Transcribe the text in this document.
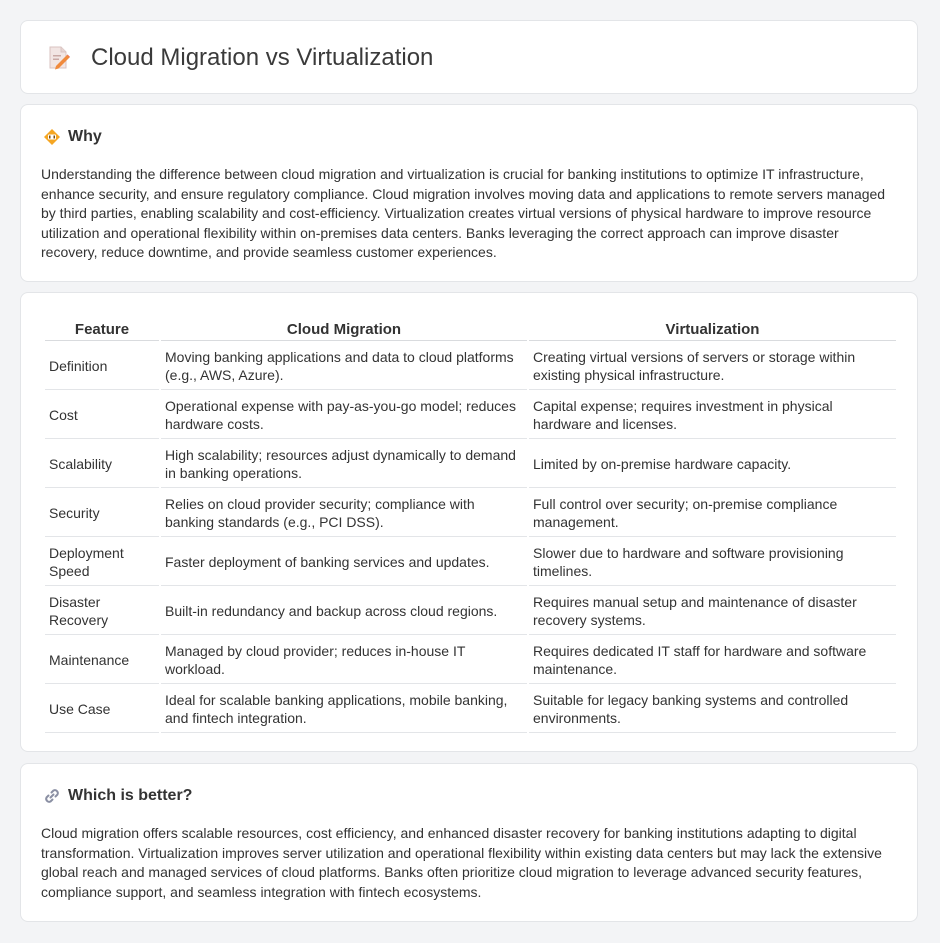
Cloud Migration vs Virtualization
Why

Understanding the difference between cloud migration and virtualization is crucial for banking institutions to optimize IT infrastructure, enhance security, and ensure regulatory compliance. Cloud migration involves moving data and applications to remote servers managed by third parties, enabling scalability and cost-efficiency. Virtualization creates virtual versions of physical hardware to improve resource utilization and operational flexibility within on-premises data centers. Banks leveraging the correct approach can improve disaster recovery, reduce downtime, and provide seamless customer experiences.

Feature	Cloud Migration	Virtualization
Definition	Moving banking applications and data to cloud platforms (e.g., AWS, Azure).	Creating virtual versions of servers or storage within existing physical infrastructure.
Cost	Operational expense with pay-as-you-go model; reduces hardware costs.	Capital expense; requires investment in physical hardware and licenses.
Scalability	High scalability; resources adjust dynamically to demand in banking operations.	Limited by on-premise hardware capacity.
Security	Relies on cloud provider security; compliance with banking standards (e.g., PCI DSS).	Full control over security; on-premise compliance management.
Deployment Speed	Faster deployment of banking services and updates.	Slower due to hardware and software provisioning timelines.
Disaster Recovery	Built-in redundancy and backup across cloud regions.	Requires manual setup and maintenance of disaster recovery systems.
Maintenance	Managed by cloud provider; reduces in-house IT workload.	Requires dedicated IT staff for hardware and software maintenance.
Use Case	Ideal for scalable banking applications, mobile banking, and fintech integration.	Suitable for legacy banking systems and controlled environments.
Which is better?

Cloud migration offers scalable resources, cost efficiency, and enhanced disaster recovery for banking institutions adapting to digital transformation. Virtualization improves server utilization and operational flexibility within existing data centers but may lack the extensive global reach and managed services of cloud platforms. Banks often prioritize cloud migration to leverage advanced security features, compliance support, and seamless integration with fintech ecosystems.
